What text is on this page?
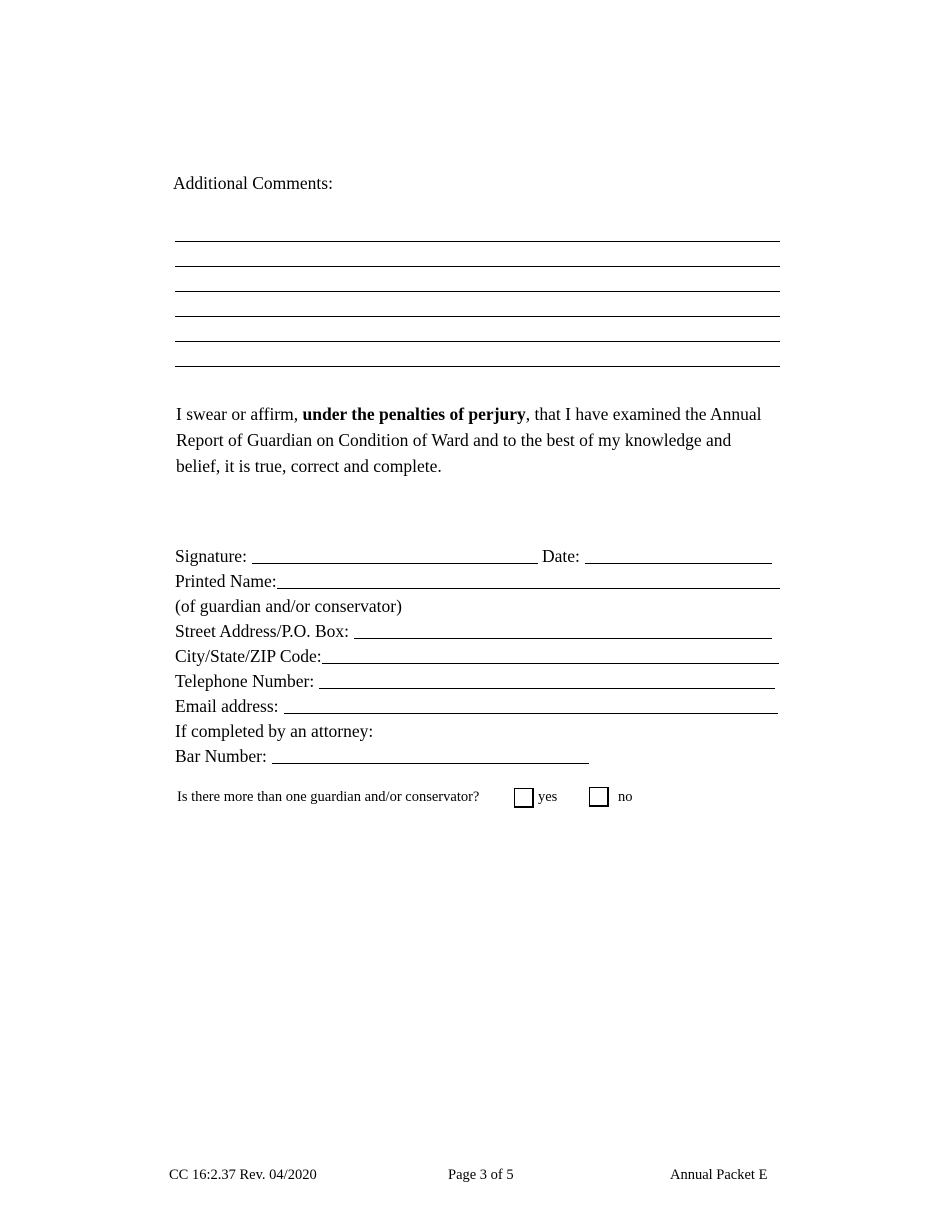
Additional Comments:
I swear or affirm, under the penalties of perjury, that I have examined the Annual Report of Guardian on Condition of Ward and to the best of my knowledge and belief, it is true, correct and complete.
Signature:	Date:
Printed Name:
(of guardian and/or conservator)
Street Address/P.O. Box:
City/State/ZIP Code:
Telephone Number:
Email address:
If completed by an attorney:
Bar Number:
Is there more than one guardian and/or conservator?	yes	no
CC 16:2.37 Rev. 04/2020	Page 3 of 5	Annual Packet E
